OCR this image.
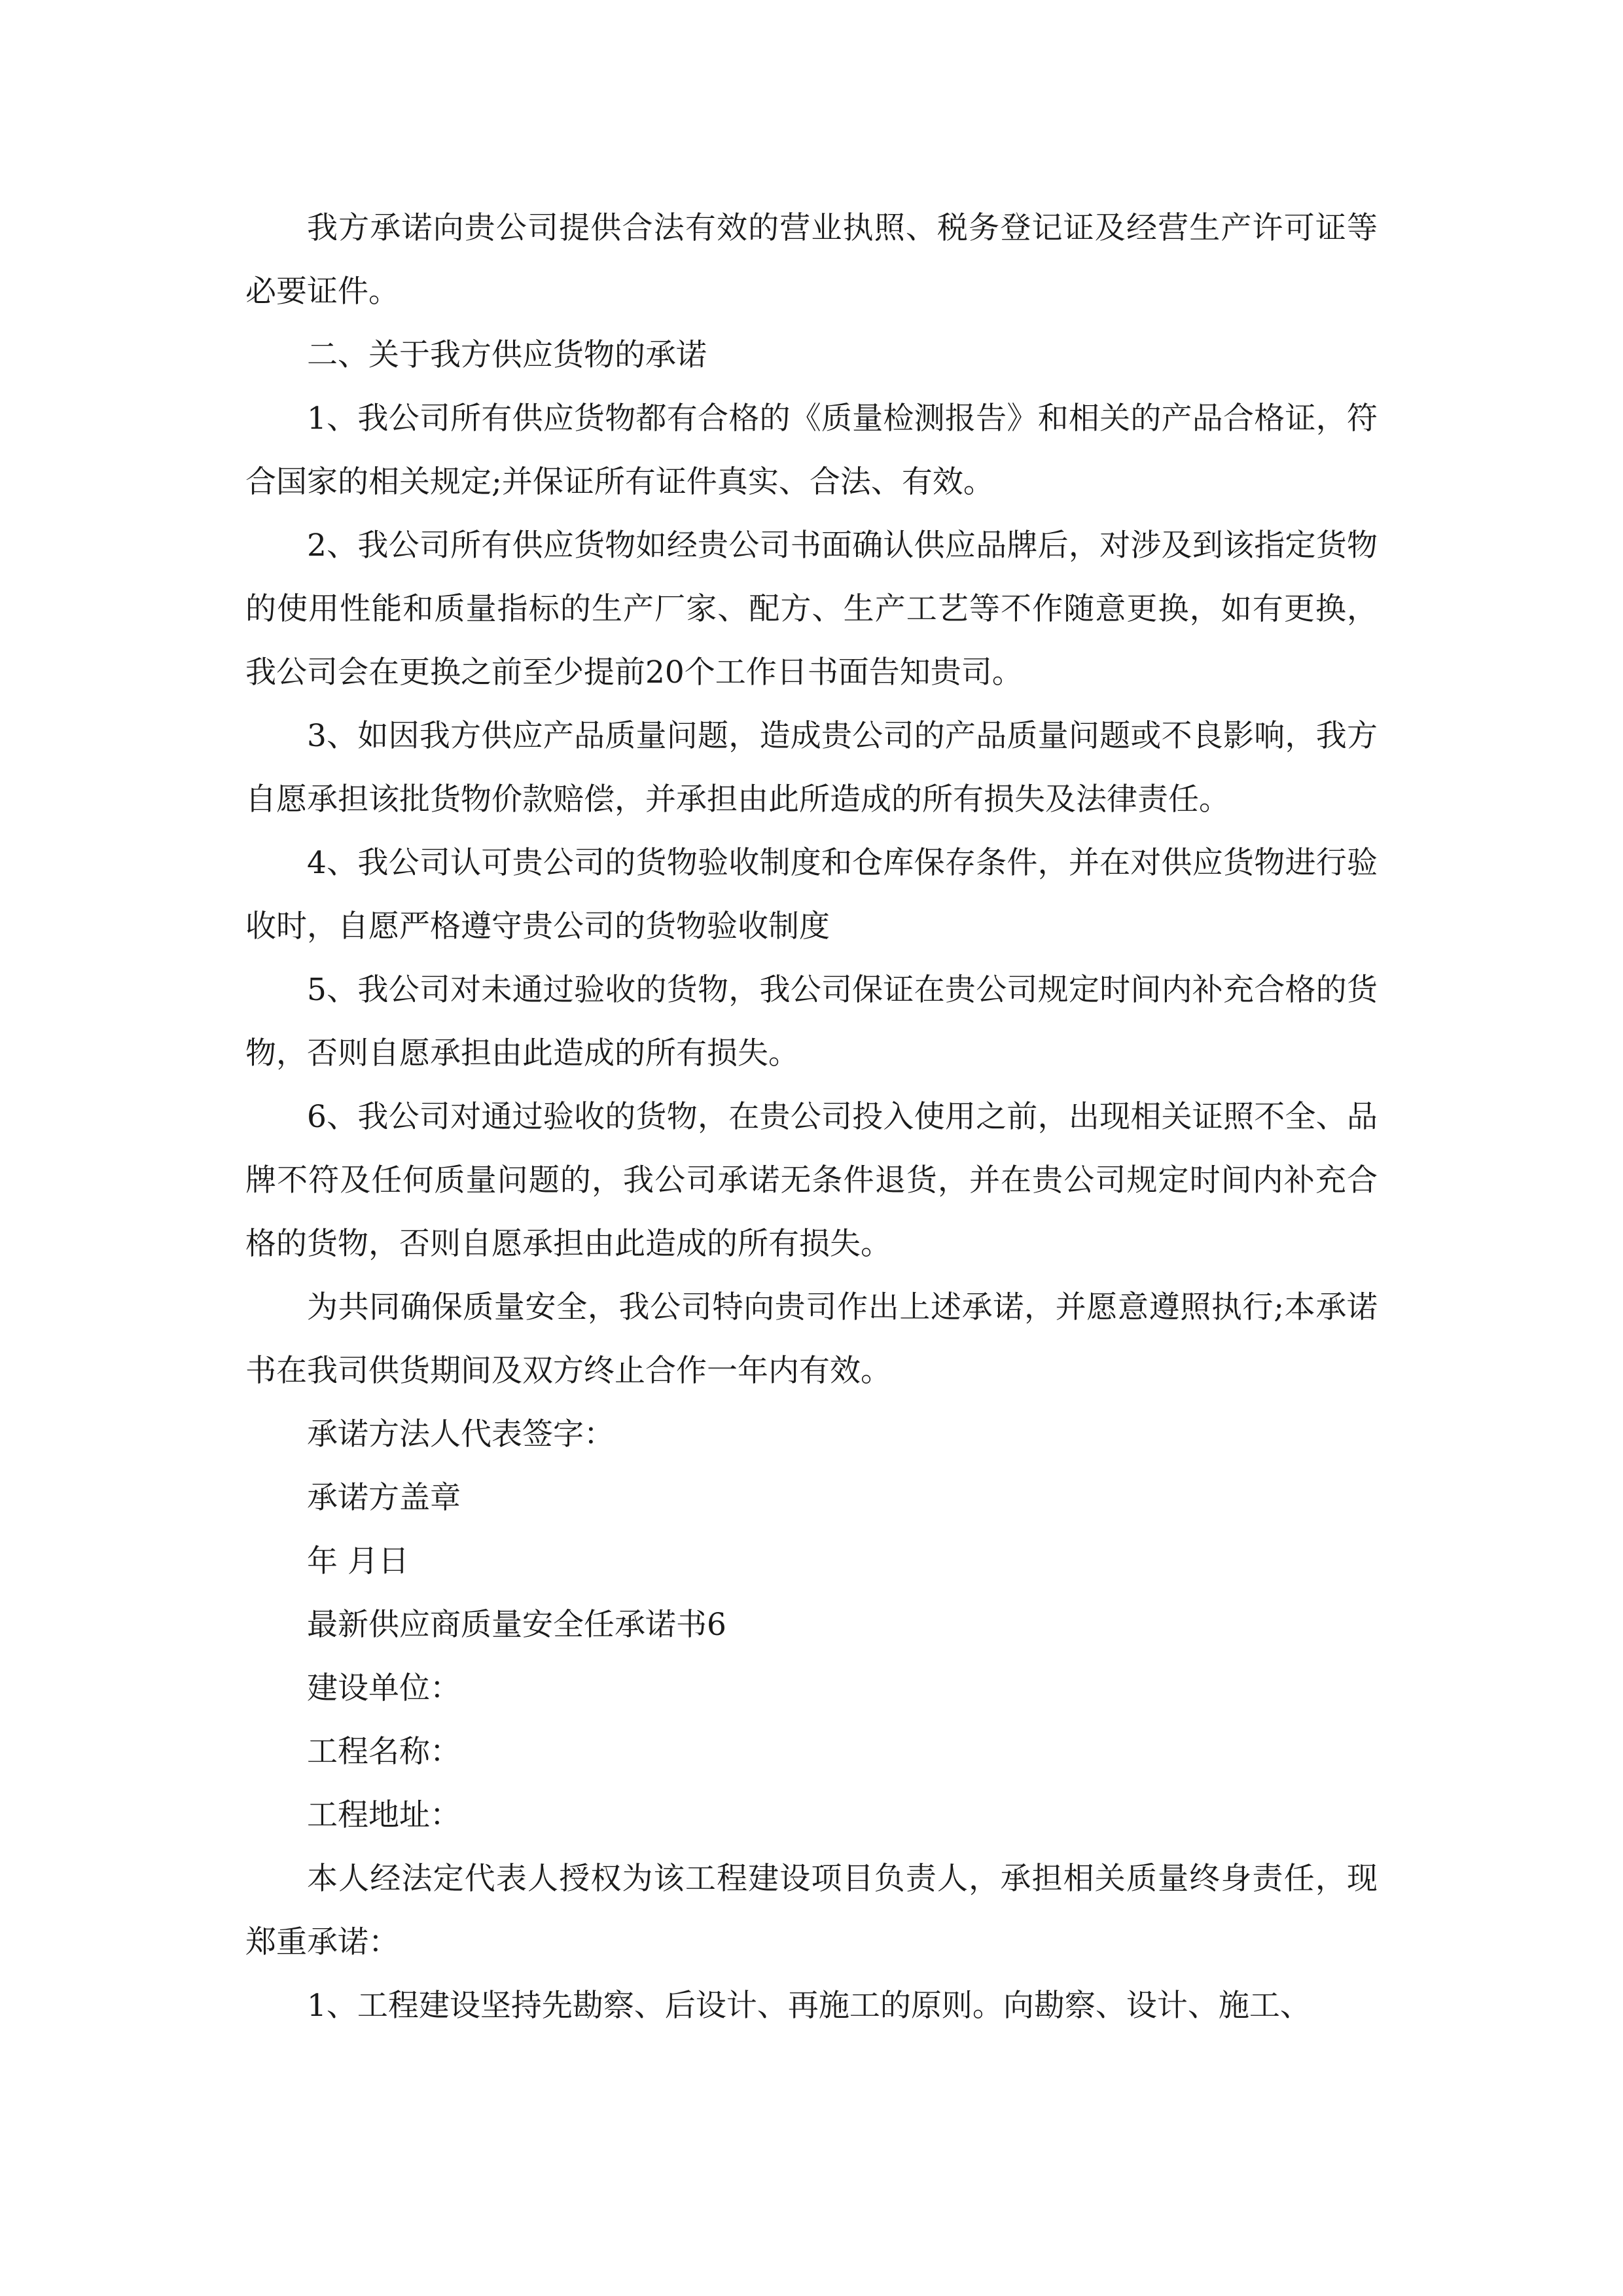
我方承诺向贵公司提供合法有效的营业执照、税务登记证及经营生产许可证等必要证件。

二、关于我方供应货物的承诺

1、我公司所有供应货物都有合格的《质量检测报告》和相关的产品合格证，符合国家的相关规定;并保证所有证件真实、合法、有效。

2、我公司所有供应货物如经贵公司书面确认供应品牌后，对涉及到该指定货物的使用性能和质量指标的生产厂家、配方、生产工艺等不作随意更换，如有更换，我公司会在更换之前至少提前20个工作日书面告知贵司。

3、如因我方供应产品质量问题，造成贵公司的产品质量问题或不良影响，我方自愿承担该批货物价款赔偿，并承担由此所造成的所有损失及法律责任。

4、我公司认可贵公司的货物验收制度和仓库保存条件，并在对供应货物进行验收时，自愿严格遵守贵公司的货物验收制度

5、我公司对未通过验收的货物，我公司保证在贵公司规定时间内补充合格的货物，否则自愿承担由此造成的所有损失。

6、我公司对通过验收的货物，在贵公司投入使用之前，出现相关证照不全、品牌不符及任何质量问题的，我公司承诺无条件退货，并在贵公司规定时间内补充合格的货物，否则自愿承担由此造成的所有损失。

为共同确保质量安全，我公司特向贵司作出上述承诺，并愿意遵照执行;本承诺书在我司供货期间及双方终止合作一年内有效。

承诺方法人代表签字：

承诺方盖章

年 月日

最新供应商质量安全任承诺书6

建设单位：

工程名称：

工程地址：

本人经法定代表人授权为该工程建设项目负责人，承担相关质量终身责任，现郑重承诺：

1、工程建设坚持先勘察、后设计、再施工的原则。向勘察、设计、施工、
